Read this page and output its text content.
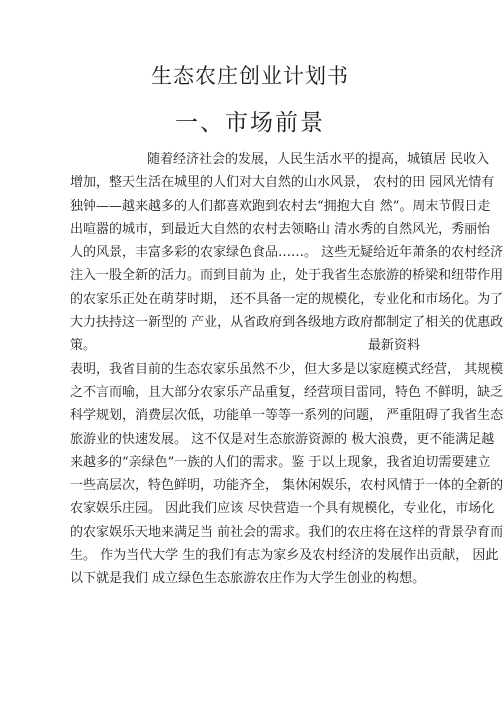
生态农庄创业计划书
一、市场前景
随着经济社会的发展，人民生活水平的提高，城镇居 民收入
增加，整天生活在城里的人们对大自然的山水风景， 农村的田 园风光情有
独钟——越来越多的人们都喜欢跑到农村去“拥抱大自 然”。周末节假日走
出喧嚣的城市，到最近大自然的农村去领略山 清水秀的自然风光，秀丽怡
人的风景，丰富多彩的农家绿色食品……。 这些无疑给近年萧条的农村经济
注入一股全新的活力。而到目前为 止，处于我省生态旅游的桥梁和纽带作用
的农家乐正处在萌芽时期， 还不具备一定的规模化，专业化和市场化。为了
大力扶持这一新型的 产业，从省政府到各级地方政府都制定了相关的优惠政
策。	最新资料
表明，我省目前的生态农家乐虽然不少，但大多是以家庭模式经营， 其规模
之不言而喻，且大部分农家乐产品重复，经营项目雷同，特色 不鲜明，缺乏
科学规划，消费层次低，功能单一等等一系列的问题， 严重阻碍了我省生态
旅游业的快速发展。 这不仅是对生态旅游资源的 极大浪费，更不能满足越
来越多的“亲绿色”一族的人们的需求。鉴 于以上现象，我省迫切需要建立
一些高层次，特色鲜明，功能齐全， 集休闲娱乐，农村风情于一体的全新的
农家娱乐庄园。 因此我们应该 尽快营造一个具有规模化，专业化，市场化
的农家娱乐天地来满足当 前社会的需求。我们的农庄将在这样的背景孕育而
生。 作为当代大学 生的我们有志为家乡及农村经济的发展作出贡献， 因此
以下就是我们 成立绿色生态旅游农庄作为大学生创业的构想。
